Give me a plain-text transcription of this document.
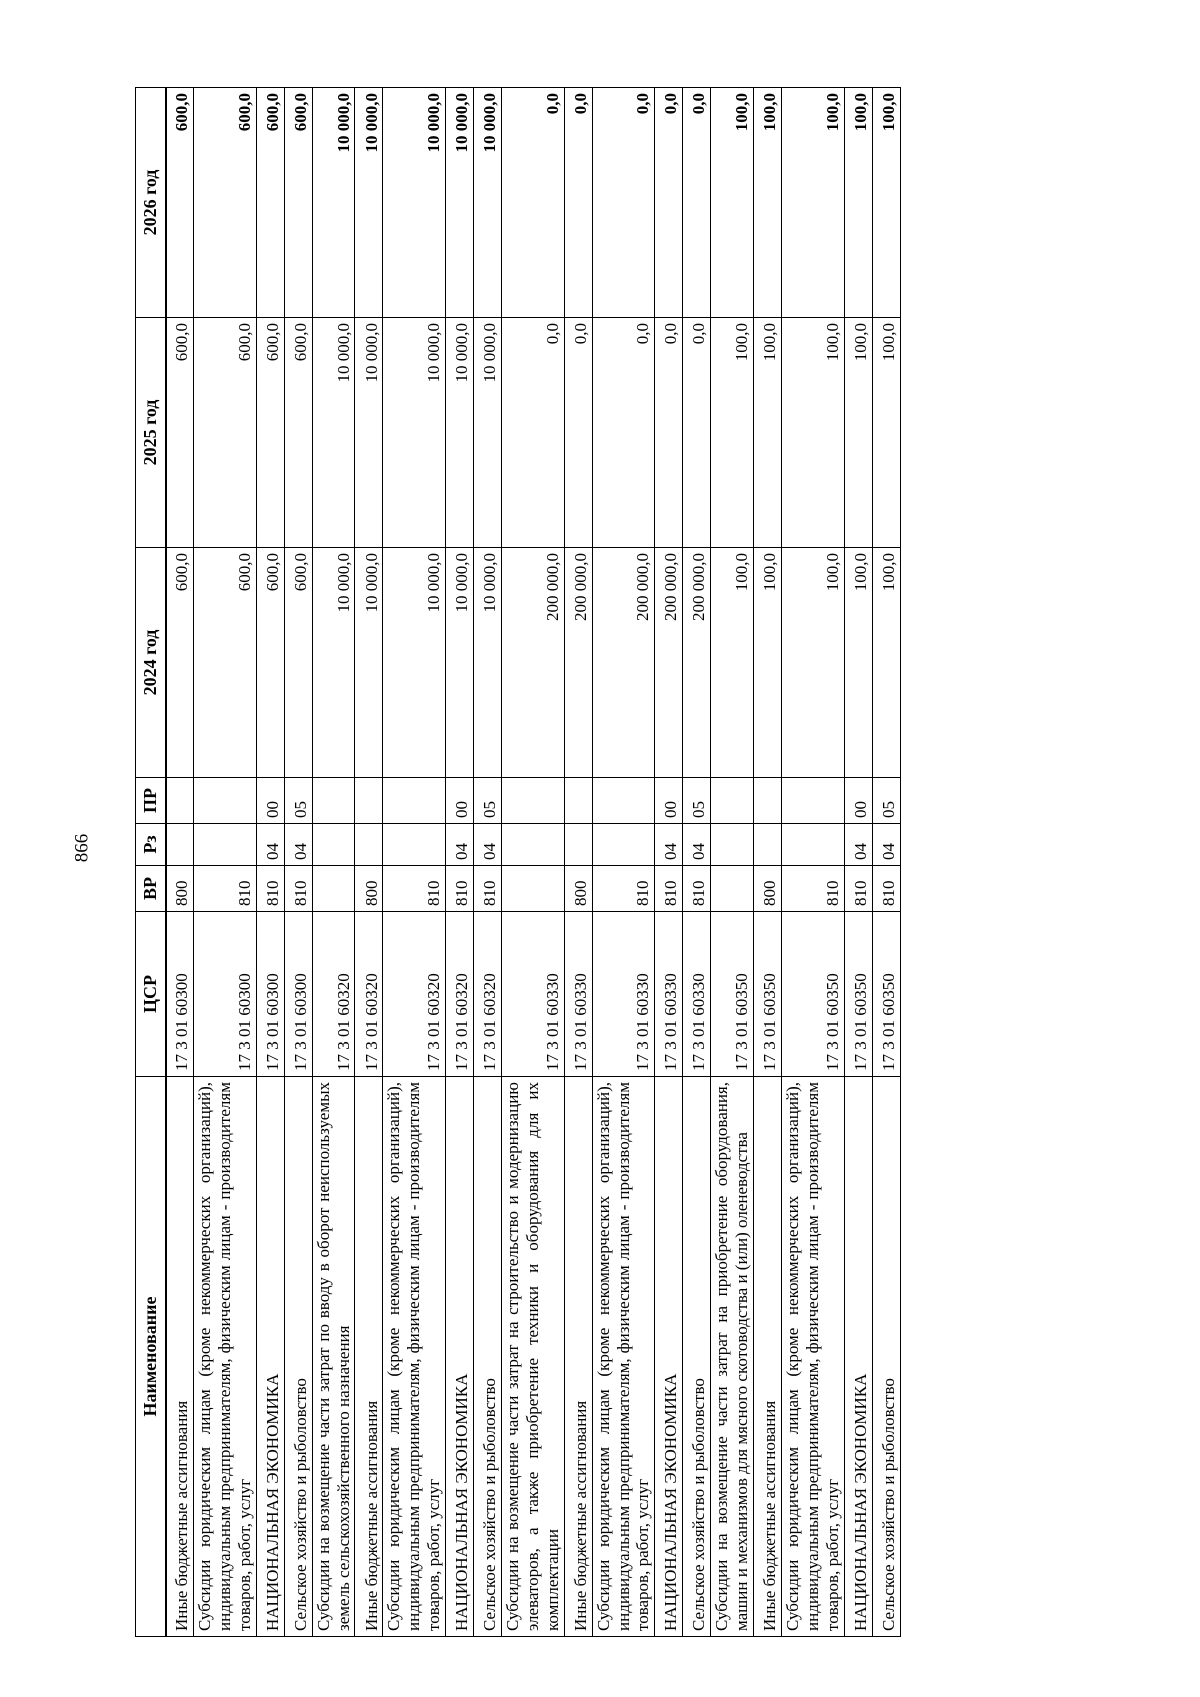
866
Наименование	ЦСР	ВР	Рз	ПР	2024 год	2025 год	2026 год
Иные бюджетные ассигнования	17 3 01 60300	800			600,0	600,0	600,0
Субсидии юридическим лицам (кроме некоммерческих организаций), индивидуальным предпринимателям, физическим лицам - производителям товаров, работ, услуг	17 3 01 60300	810			600,0	600,0	600,0
НАЦИОНАЛЬНАЯ ЭКОНОМИКА	17 3 01 60300	810	04	00	600,0	600,0	600,0
Сельское хозяйство и рыболовство	17 3 01 60300	810	04	05	600,0	600,0	600,0
Субсидии на возмещение части затрат по вводу в оборот неиспользуемых земель сельскохозяйственного назначения	17 3 01 60320				10 000,0	10 000,0	10 000,0
Иные бюджетные ассигнования	17 3 01 60320	800			10 000,0	10 000,0	10 000,0
Субсидии юридическим лицам (кроме некоммерческих организаций), индивидуальным предпринимателям, физическим лицам - производителям товаров, работ, услуг	17 3 01 60320	810			10 000,0	10 000,0	10 000,0
НАЦИОНАЛЬНАЯ ЭКОНОМИКА	17 3 01 60320	810	04	00	10 000,0	10 000,0	10 000,0
Сельское хозяйство и рыболовство	17 3 01 60320	810	04	05	10 000,0	10 000,0	10 000,0
Субсидии на возмещение части затрат на строительство и модернизацию элеваторов, а также приобретение техники и оборудования для их комплектации	17 3 01 60330				200 000,0	0,0	0,0
Иные бюджетные ассигнования	17 3 01 60330	800			200 000,0	0,0	0,0
Субсидии юридическим лицам (кроме некоммерческих организаций), индивидуальным предпринимателям, физическим лицам - производителям товаров, работ, услуг	17 3 01 60330	810			200 000,0	0,0	0,0
НАЦИОНАЛЬНАЯ ЭКОНОМИКА	17 3 01 60330	810	04	00	200 000,0	0,0	0,0
Сельское хозяйство и рыболовство	17 3 01 60330	810	04	05	200 000,0	0,0	0,0
Субсидии на возмещение части затрат на приобретение оборудования, машин и механизмов для мясного скотоводства и (или) оленеводства	17 3 01 60350				100,0	100,0	100,0
Иные бюджетные ассигнования	17 3 01 60350	800			100,0	100,0	100,0
Субсидии юридическим лицам (кроме некоммерческих организаций), индивидуальным предпринимателям, физическим лицам - производителям товаров, работ, услуг	17 3 01 60350	810			100,0	100,0	100,0
НАЦИОНАЛЬНАЯ ЭКОНОМИКА	17 3 01 60350	810	04	00	100,0	100,0	100,0
Сельское хозяйство и рыболовство	17 3 01 60350	810	04	05	100,0	100,0	100,0
